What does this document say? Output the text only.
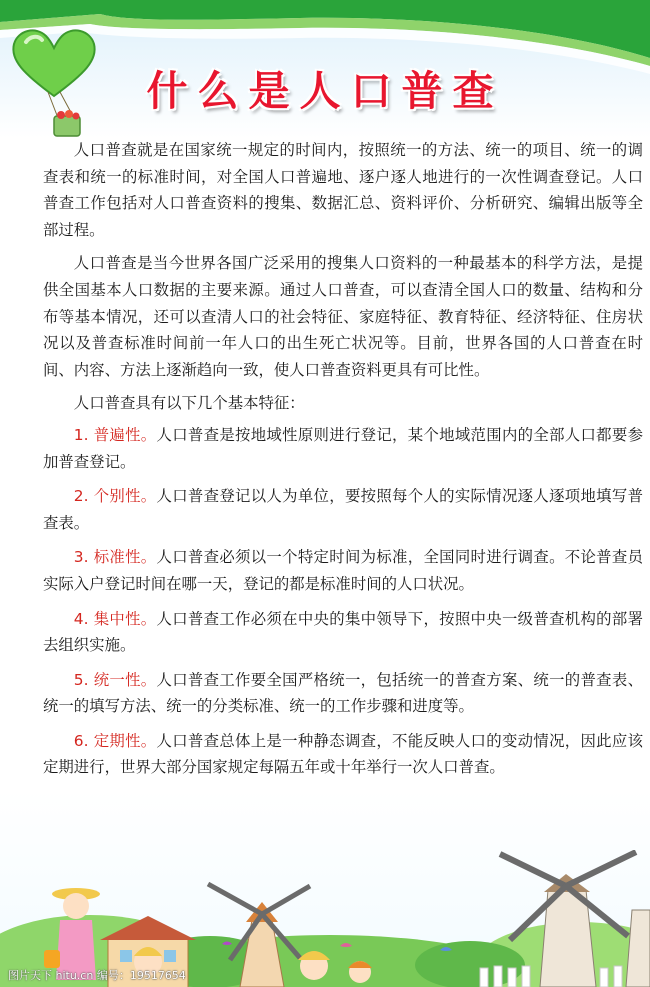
什么是人口普查

人口普查就是在国家统一规定的时间内，按照统一的方法、统一的项目、统一的调查表和统一的标准时间，对全国人口普遍地、逐户逐人地进行的一次性调查登记。人口普查工作包括对人口普查资料的搜集、数据汇总、资料评价、分析研究、编辑出版等全部过程。

人口普查是当今世界各国广泛采用的搜集人口资料的一种最基本的科学方法，是提供全国基本人口数据的主要来源。通过人口普查，可以查清全国人口的数量、结构和分布等基本情况，还可以查清人口的社会特征、家庭特征、教育特征、经济特征、住房状况以及普查标准时间前一年人口的出生死亡状况等。目前，世界各国的人口普查在时间、内容、方法上逐渐趋向一致，使人口普查资料更具有可比性。

人口普查具有以下几个基本特征：

1. 普遍性。人口普查是按地域性原则进行登记，某个地域范围内的全部人口都要参加普查登记。

2. 个别性。人口普查登记以人为单位，要按照每个人的实际情况逐人逐项地填写普查表。

3. 标准性。人口普查必须以一个特定时间为标准，全国同时进行调查。不论普查员实际入户登记时间在哪一天，登记的都是标准时间的人口状况。

4. 集中性。人口普查工作必须在中央的集中领导下，按照中央一级普查机构的部署去组织实施。

5. 统一性。人口普查工作要全国严格统一，包括统一的普查方案、统一的普查表、统一的填写方法、统一的分类标准、统一的工作步骤和进度等。

6. 定期性。人口普查总体上是一种静态调查，不能反映人口的变动情况，因此应该定期进行，世界大部分国家规定每隔五年或十年举行一次人口普查。

图片天下 hitu.cn 编号：19517654
